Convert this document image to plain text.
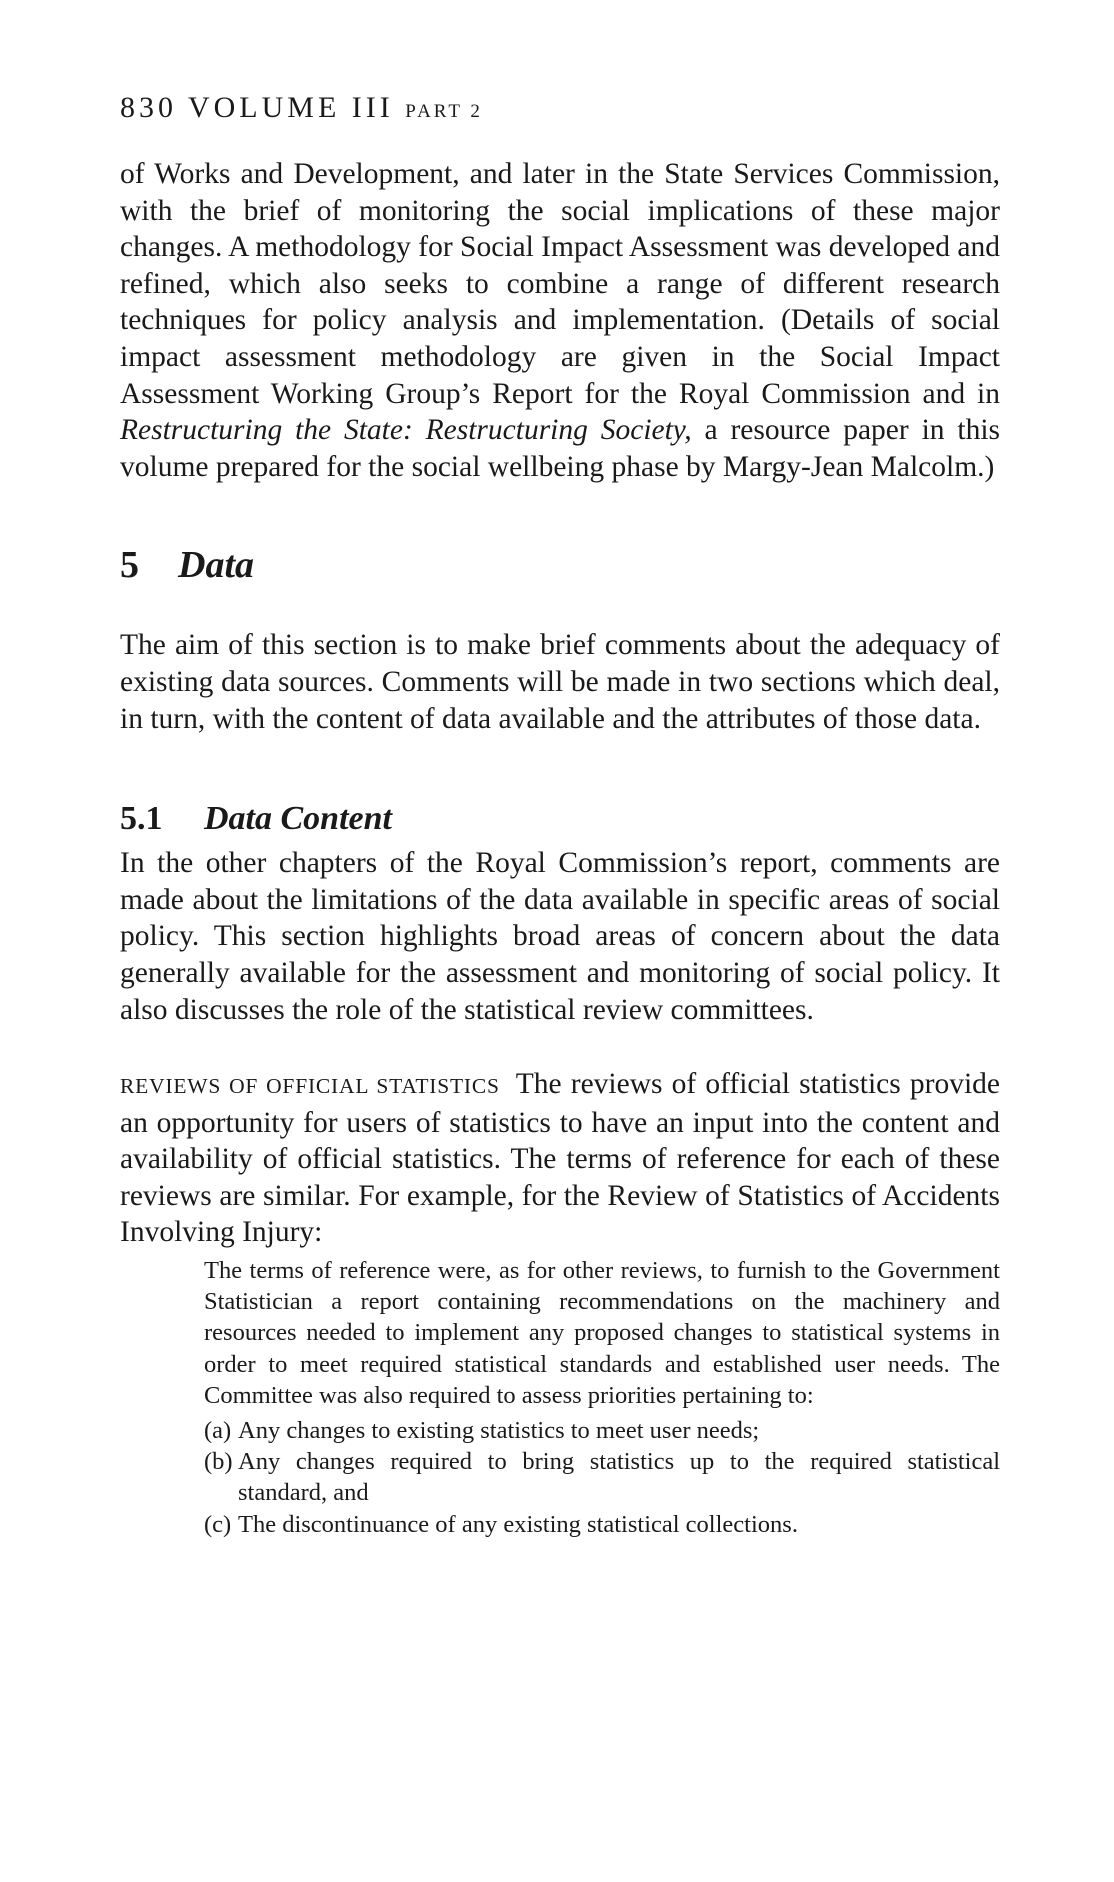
830 VOLUME III PART 2

of Works and Development, and later in the State Services Commission, with the brief of monitoring the social implications of these major changes. A methodology for Social Impact Assessment was developed and refined, which also seeks to combine a range of different research techniques for policy analysis and implementation. (Details of social impact assessment methodology are given in the Social Impact Assessment Working Group’s Report for the Royal Commission and in Restructuring the State: Restructuring Society, a resource paper in this volume prepared for the social wellbeing phase by Margy-Jean Malcolm.)

5 Data

The aim of this section is to make brief comments about the adequacy of existing data sources. Comments will be made in two sections which deal, in turn, with the content of data available and the attributes of those data.

5.1 Data Content

In the other chapters of the Royal Commission’s report, comments are made about the limitations of the data available in specific areas of social policy. This section highlights broad areas of concern about the data generally available for the assessment and monitoring of social policy. It also discusses the role of the statistical review committees.

REVIEWS OF OFFICIAL STATISTICS The reviews of official statistics provide an opportunity for users of statistics to have an input into the content and availability of official statistics. The terms of reference for each of these reviews are similar. For example, for the Review of Statistics of Accidents Involving Injury:

The terms of reference were, as for other reviews, to furnish to the Government Statistician a report containing recommendations on the machinery and resources needed to implement any proposed changes to statistical systems in order to meet required statistical standards and established user needs. The Committee was also required to assess priorities pertaining to:

(a) Any changes to existing statistics to meet user needs;
(b) Any changes required to bring statistics up to the required statistical standard, and
(c) The discontinuance of any existing statistical collections.
